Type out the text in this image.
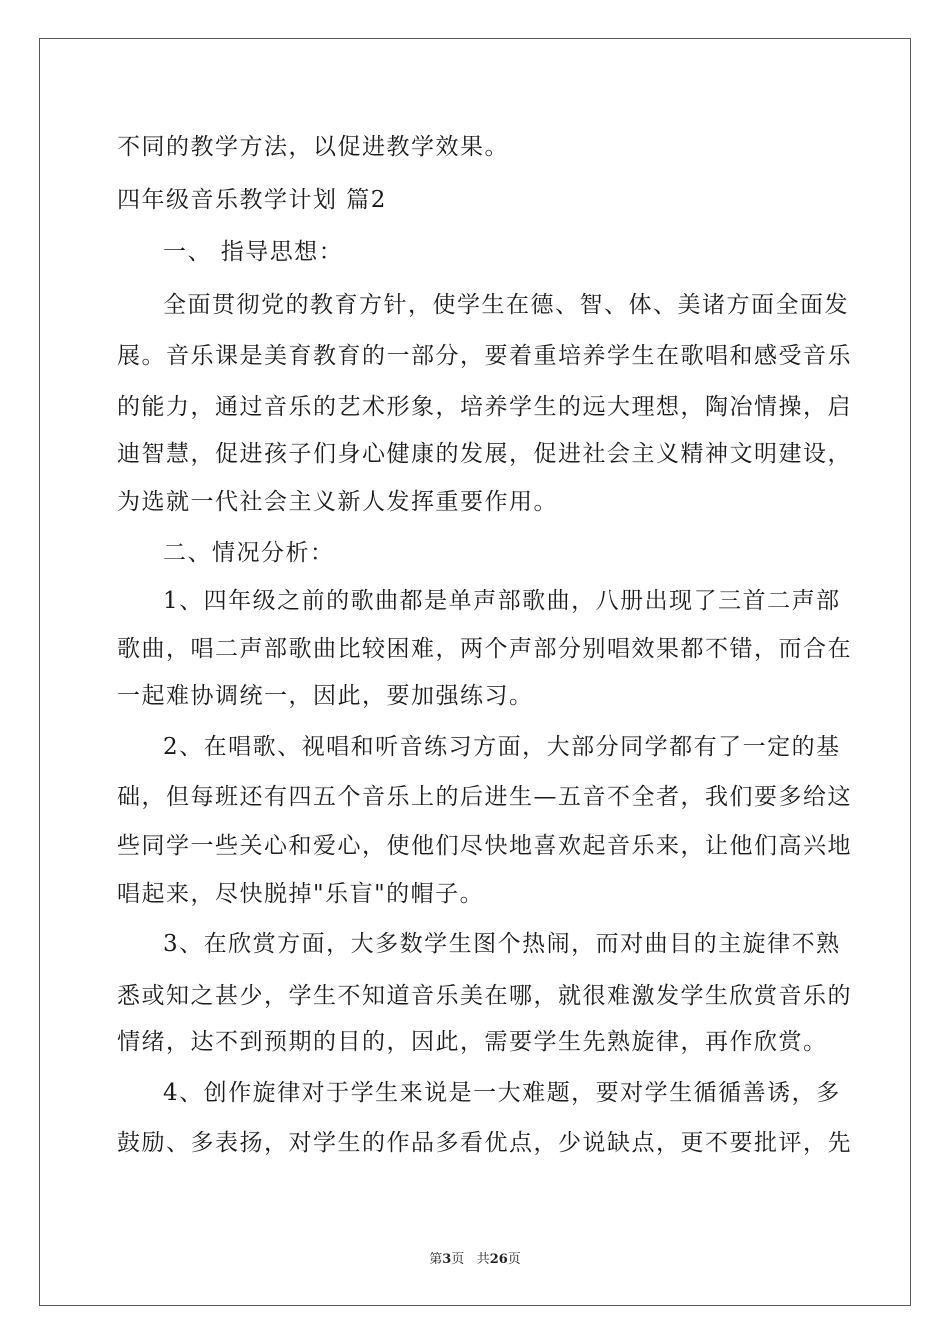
不同的教学方法，以促进教学效果。
四年级音乐教学计划 篇2
一、 指导思想：
全面贯彻党的教育方针，使学生在德、智、体、美诸方面全面发
展。音乐课是美育教育的一部分，要着重培养学生在歌唱和感受音乐
的能力，通过音乐的艺术形象，培养学生的远大理想，陶冶情操，启
迪智慧，促进孩子们身心健康的发展，促进社会主义精神文明建设，
为选就一代社会主义新人发挥重要作用。
二、情况分析：
1、四年级之前的歌曲都是单声部歌曲，八册出现了三首二声部
歌曲，唱二声部歌曲比较困难，两个声部分别唱效果都不错，而合在
一起难协调统一，因此，要加强练习。
2、在唱歌、视唱和听音练习方面，大部分同学都有了一定的基
础，但每班还有四五个音乐上的后进生—五音不全者，我们要多给这
些同学一些关心和爱心，使他们尽快地喜欢起音乐来，让他们高兴地
唱起来，尽快脱掉"乐盲"的帽子。
3、在欣赏方面，大多数学生图个热闹，而对曲目的主旋律不熟
悉或知之甚少，学生不知道音乐美在哪，就很难激发学生欣赏音乐的
情绪，达不到预期的目的，因此，需要学生先熟旋律，再作欣赏。
4、创作旋律对于学生来说是一大难题，要对学生循循善诱，多
鼓励、多表扬，对学生的作品多看优点，少说缺点，更不要批评，先
第3页 共26页
